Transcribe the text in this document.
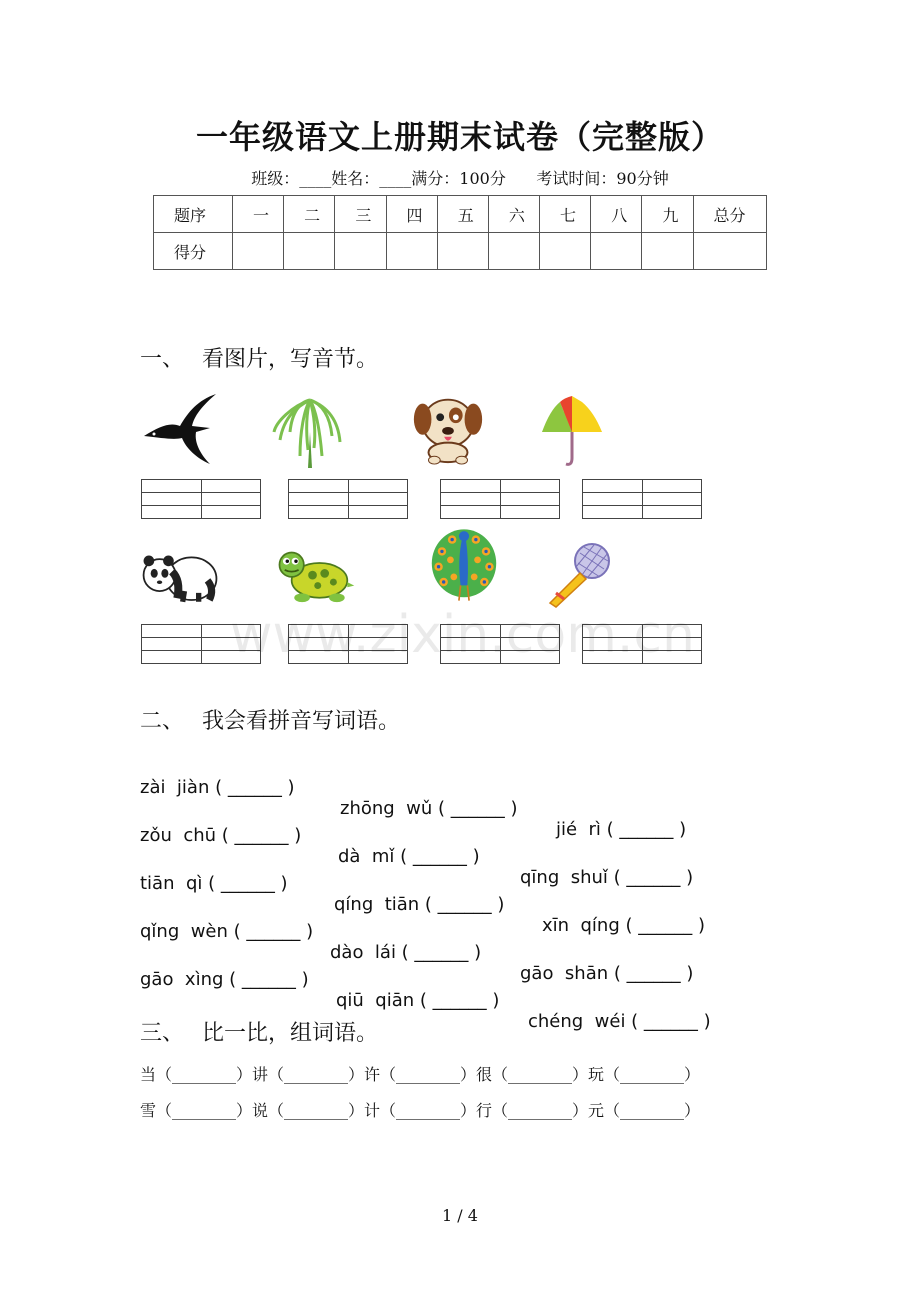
一年级语文上册期末试卷（完整版）
班级：____姓名：____满分：100分 考试时间：90分钟
题序	一	二	三	四	五	六	七	八	九	总分
得分										
一、 看图片，写音节。
www.zixin.com.cn
二、 我会看拼音写词语。

zài  jiàn ( ______ )

zhōng  wǔ ( ______ )

jié  rì ( ______ )

zǒu  chū ( ______ )

dà  mǐ ( ______ )

qīng  shuǐ ( ______ )

tiān  qì ( ______ )

qíng  tiān ( ______ )

xīn  qíng ( ______ )

qǐng  wèn ( ______ )

dào  lái ( ______ )

gāo  shān ( ______ )

gāo  xìng ( ______ )

qiū  qiān ( ______ )

chéng  wéi ( ______ )

三、 比一比，组词语。
当（________）讲（________）许（________）很（________）玩（________）
雪（________）说（________）计（________）行（________）元（________）
1 / 4
